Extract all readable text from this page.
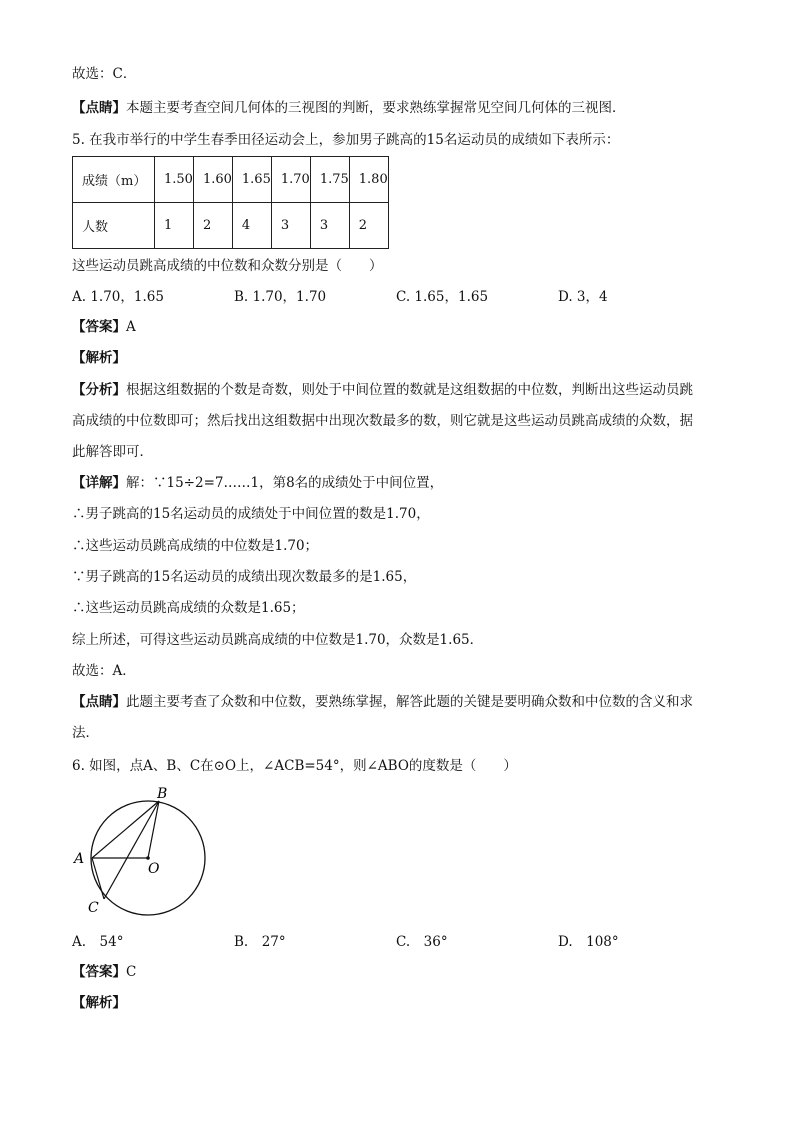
故选：C．
【点睛】本题主要考查空间几何体的三视图的判断，要求熟练掌握常见空间几何体的三视图．
5. 在我市举行的中学生春季田径运动会上，参加男子跳高的15名运动员的成绩如下表所示：
成绩（m）	1.50	1.60	1.65	1.70	1.75	1.80
人数	1	2	4	3	3	2
这些运动员跳高成绩的中位数和众数分别是（　　）
A. 1.70，1.65	B. 1.70，1.70	C. 1.65，1.65	D. 3，4
【答案】A
【解析】
【分析】根据这组数据的个数是奇数，则处于中间位置的数就是这组数据的中位数，判断出这些运动员跳
高成绩的中位数即可；然后找出这组数据中出现次数最多的数，则它就是这些运动员跳高成绩的众数，据
此解答即可．
【详解】解：∵15÷2=7……1，第8名的成绩处于中间位置，
∴男子跳高的15名运动员的成绩处于中间位置的数是1.70，
∴这些运动员跳高成绩的中位数是1.70；
∵男子跳高的15名运动员的成绩出现次数最多的是1.65，
∴这些运动员跳高成绩的众数是1.65；
综上所述，可得这些运动员跳高成绩的中位数是1.70，众数是1.65．
故选：A．
【点睛】此题主要考查了众数和中位数，要熟练掌握，解答此题的关键是要明确众数和中位数的含义和求
法．
6. 如图，点A、B、C在⊙O上，∠ACB=54°，则∠ABO的度数是（　　）
B
A
O
C
A.　54°	B.　27°	C.　36°	D.　108°
【答案】C
【解析】
